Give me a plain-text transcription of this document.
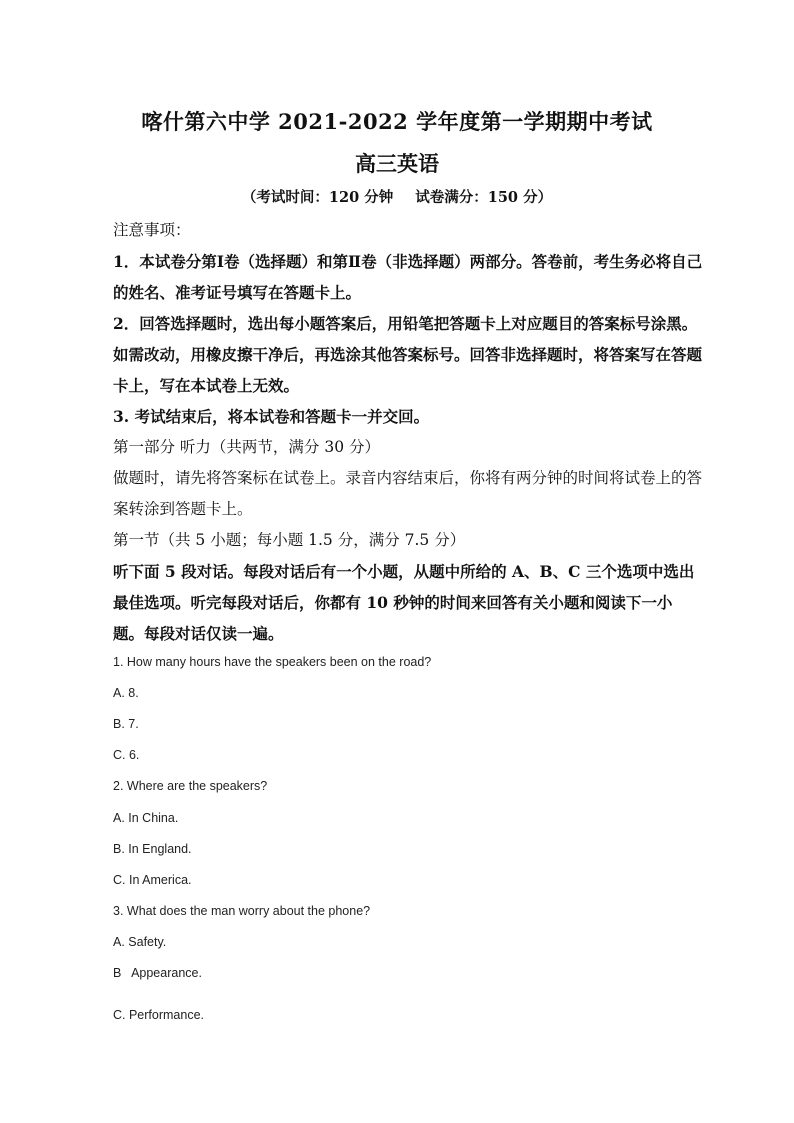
喀什第六中学 2021-2022 学年度第一学期期中考试
高三英语
（考试时间：120 分钟 试卷满分：150 分）

注意事项：

1．本试卷分第Ⅰ卷（选择题）和第Ⅱ卷（非选择题）两部分。答卷前，考生务必将自己的姓名、准考证号填写在答题卡上。

2．回答选择题时，选出每小题答案后，用铅笔把答题卡上对应题目的答案标号涂黑。如需改动，用橡皮擦干净后，再选涂其他答案标号。回答非选择题时，将答案写在答题卡上，写在本试卷上无效。

3. 考试结束后，将本试卷和答题卡一并交回。

第一部分 听力（共两节，满分 30 分）

做题时，请先将答案标在试卷上。录音内容结束后，你将有两分钟的时间将试卷上的答案转涂到答题卡上。

第一节（共 5 小题；每小题 1.5 分，满分 7.5 分）

听下面 5 段对话。每段对话后有一个小题，从题中所给的 A、B、C 三个选项中选出最佳选项。听完每段对话后，你都有 10 秒钟的时间来回答有关小题和阅读下一小题。每段对话仅读一遍。

1. How many hours have the speakers been on the road?
A. 8.
B. 7.
C. 6.
2. Where are the speakers?
A. In China.
B. In England.
C. In America.
3. What does the man worry about the phone?
A. Safety.
B   Appearance.
C. Performance.
